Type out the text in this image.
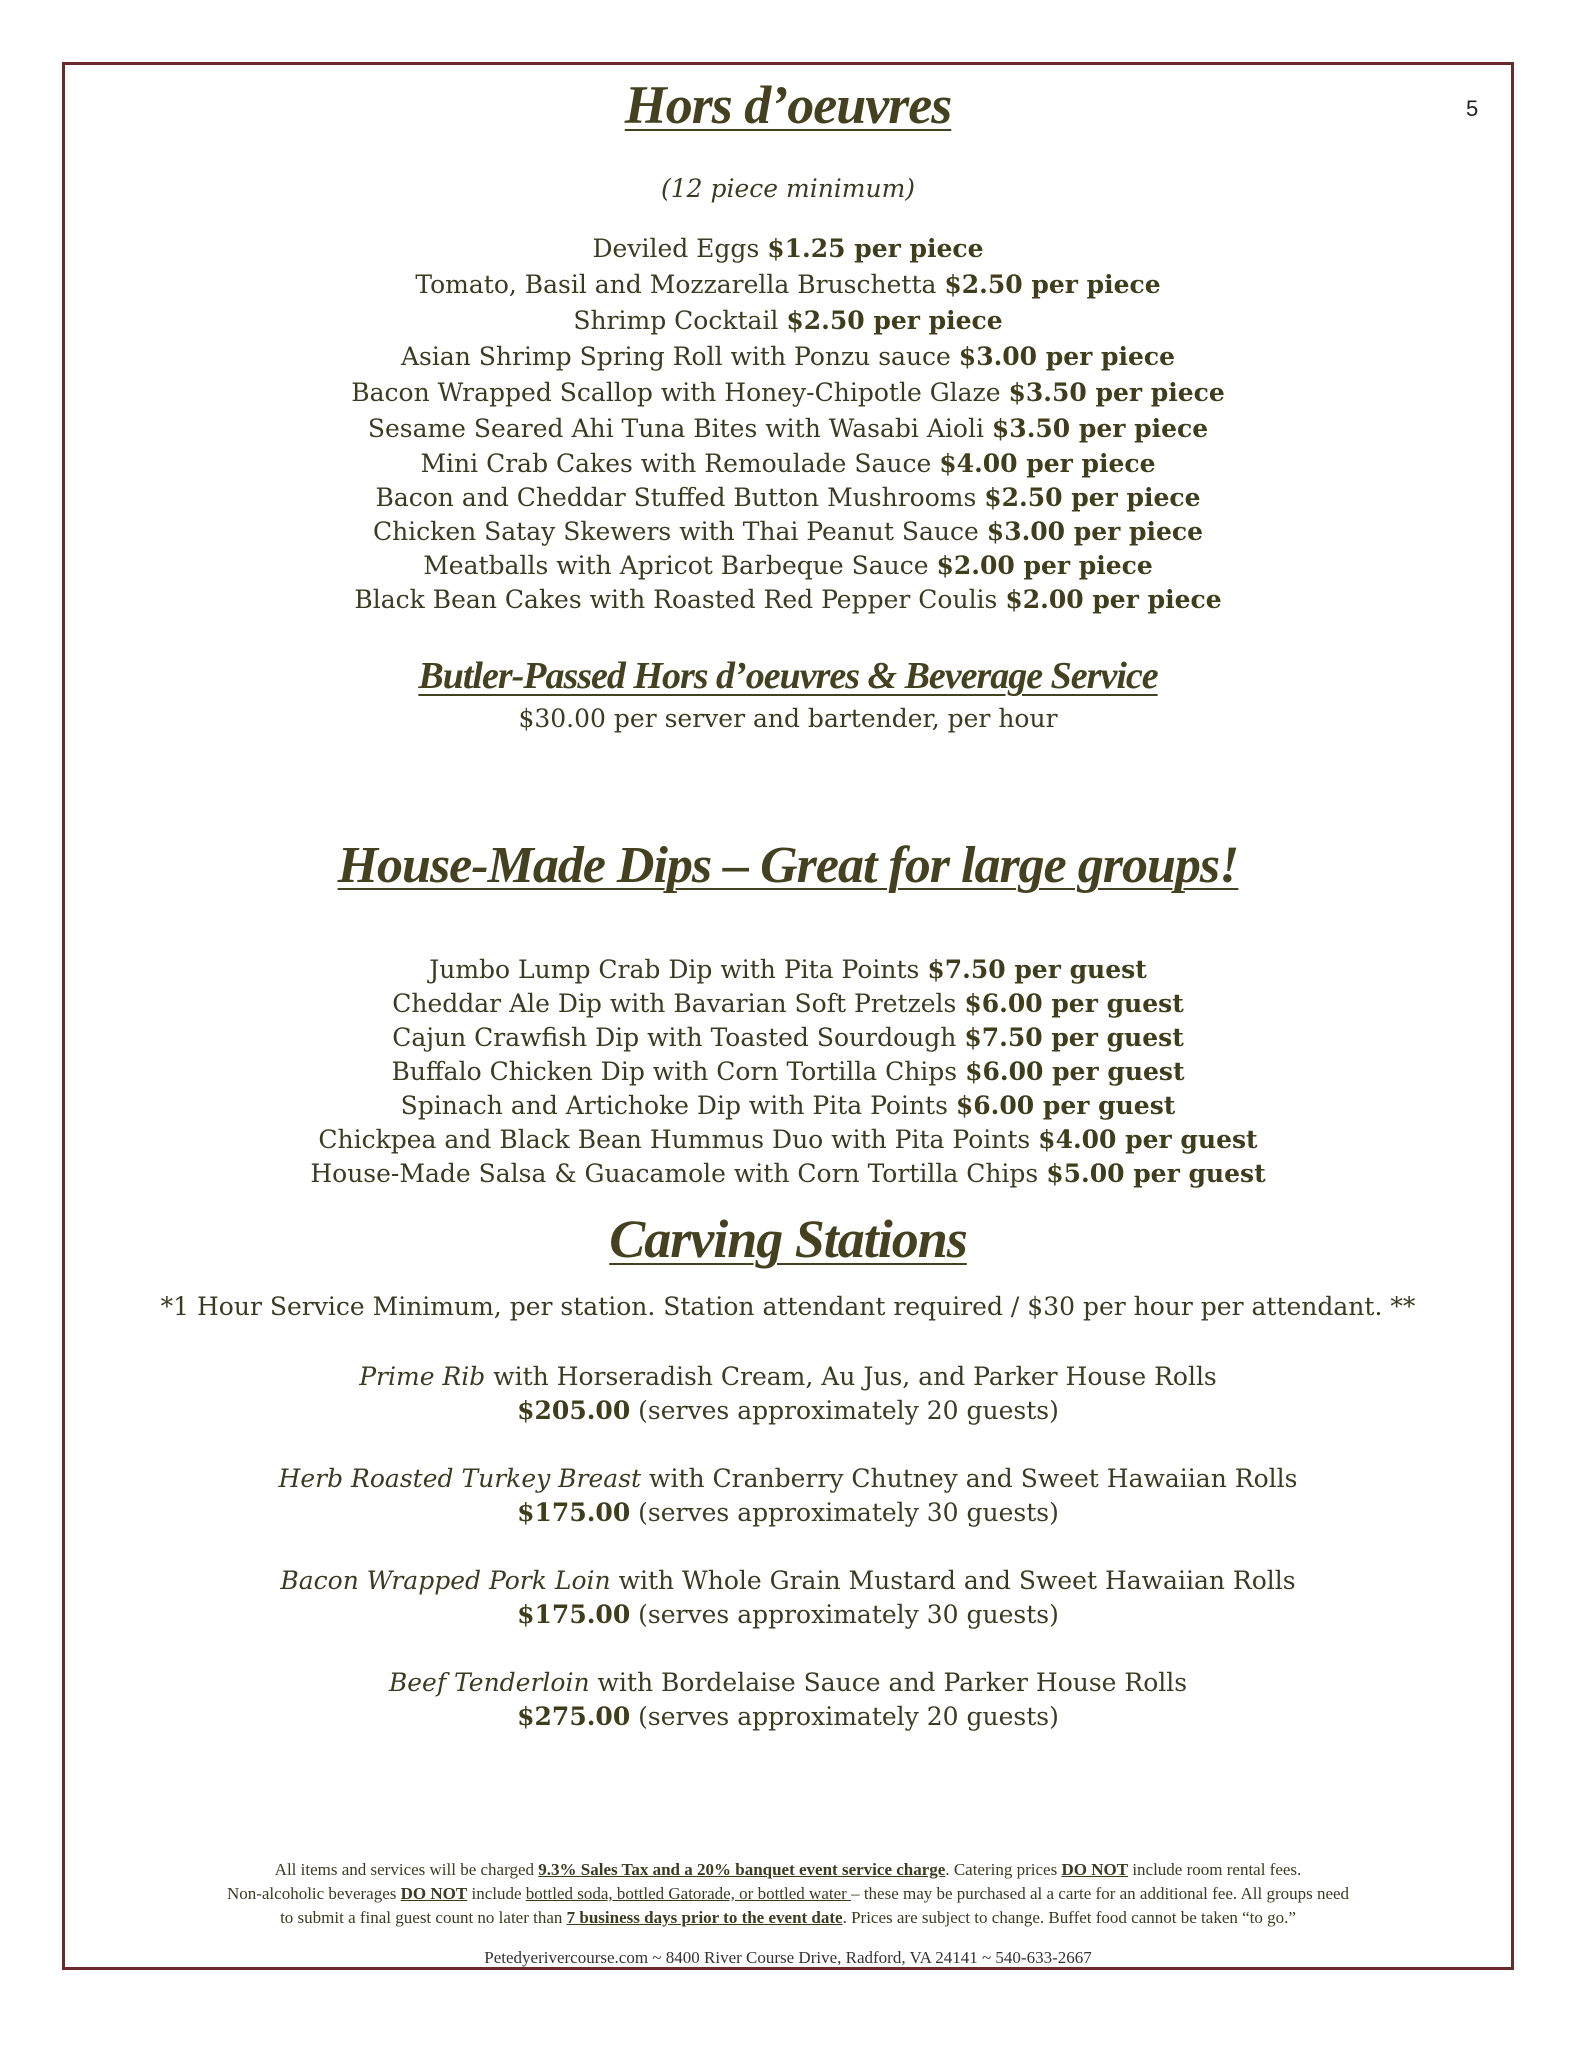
5
Hors d’oeuvres
(12 piece minimum)
Deviled Eggs $1.25 per piece
Tomato, Basil and Mozzarella Bruschetta $2.50 per piece
Shrimp Cocktail $2.50 per piece
Asian Shrimp Spring Roll with Ponzu sauce $3.00 per piece
Bacon Wrapped Scallop with Honey-Chipotle Glaze $3.50 per piece
Sesame Seared Ahi Tuna Bites with Wasabi Aioli $3.50 per piece
Mini Crab Cakes with Remoulade Sauce $4.00 per piece
Bacon and Cheddar Stuffed Button Mushrooms $2.50 per piece
Chicken Satay Skewers with Thai Peanut Sauce $3.00 per piece
Meatballs with Apricot Barbeque Sauce $2.00 per piece
Black Bean Cakes with Roasted Red Pepper Coulis $2.00 per piece
Butler-Passed Hors d’oeuvres & Beverage Service
$30.00 per server and bartender, per hour
House-Made Dips – Great for large groups!
Jumbo Lump Crab Dip with Pita Points $7.50 per guest
Cheddar Ale Dip with Bavarian Soft Pretzels $6.00 per guest
Cajun Crawfish Dip with Toasted Sourdough $7.50 per guest
Buffalo Chicken Dip with Corn Tortilla Chips $6.00 per guest
Spinach and Artichoke Dip with Pita Points $6.00 per guest
Chickpea and Black Bean Hummus Duo with Pita Points $4.00 per guest
House-Made Salsa & Guacamole with Corn Tortilla Chips $5.00 per guest
Carving Stations
*1 Hour Service Minimum, per station. Station attendant required / $30 per hour per attendant. **
Prime Rib with Horseradish Cream, Au Jus, and Parker House Rolls
$205.00 (serves approximately 20 guests)
Herb Roasted Turkey Breast with Cranberry Chutney and Sweet Hawaiian Rolls
$175.00 (serves approximately 30 guests)
Bacon Wrapped Pork Loin with Whole Grain Mustard and Sweet Hawaiian Rolls
$175.00 (serves approximately 30 guests)
Beef Tenderloin with Bordelaise Sauce and Parker House Rolls
$275.00 (serves approximately 20 guests)
All items and services will be charged 9.3% Sales Tax and a 20% banquet event service charge. Catering prices DO NOT include room rental fees.
Non-alcoholic beverages DO NOT include bottled soda, bottled Gatorade, or bottled water – these may be purchased al a carte for an additional fee. All groups need
to submit a final guest count no later than 7 business days prior to the event date. Prices are subject to change. Buffet food cannot be taken “to go.”
Petedyerivercourse.com ~ 8400 River Course Drive, Radford, VA 24141 ~ 540-633-2667
